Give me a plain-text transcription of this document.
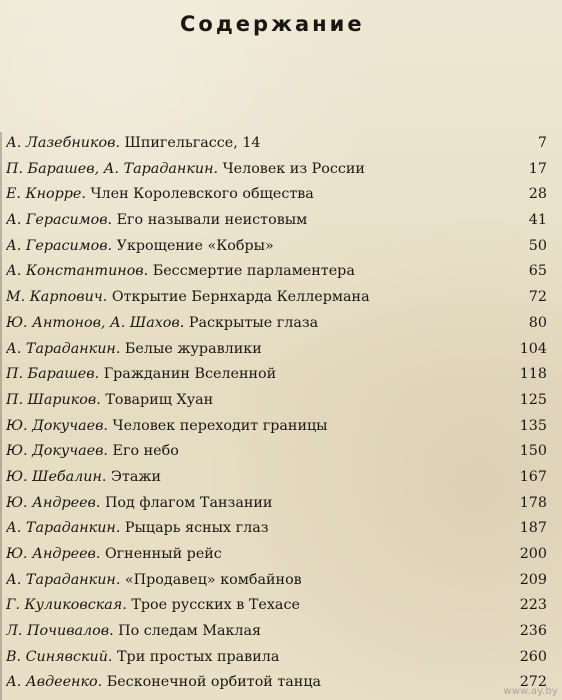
Содержание
А. Лазебников. Шпигельгассе, 14	7
П. Барашев, А. Тараданкин. Человек из России	17
Е. Кнорре. Член Королевского общества	28
А. Герасимов. Его называли неистовым	41
А. Герасимов. Укрощение «Кобры»	50
А. Константинов. Бессмертие парламентера	65
М. Карпович. Открытие Бернхарда Келлермана	72
Ю. Антонов, А. Шахов. Раскрытые глаза	80
А. Тараданкин. Белые журавлики	104
П. Барашев. Гражданин Вселенной	118
П. Шариков. Товарищ Хуан	125
Ю. Докучаев. Человек переходит границы	135
Ю. Докучаев. Его небо	150
Ю. Шебалин. Этажи	167
Ю. Андреев. Под флагом Танзании	178
А. Тараданкин. Рыцарь ясных глаз	187
Ю. Андреев. Огненный рейс	200
А. Тараданкин. «Продавец» комбайнов	209
Г. Куликовская. Трое русских в Техасе	223
Л. Почивалов. По следам Маклая	236
В. Синявский. Три простых правила	260
А. Авдеенко. Бесконечной орбитой танца	272
www.ay.by
